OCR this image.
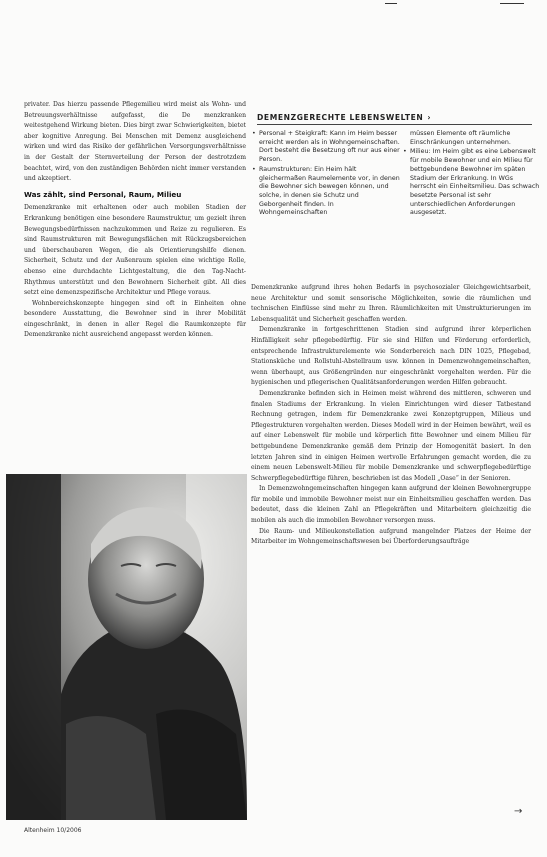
privater. Das hierzu passende Pflegemilieu wird meist als Wohn- und Betreuungsverhältnisse aufgefasst, die De menzkranken weitestgehend Wirkung bieten. Dies birgt zwar Schwierigkeiten, bietet aber kognitive Anregung. Bei Menschen mit Demenz ausgleichend wirken und wird das Risiko der gefährlichen Versorgungsverhältnisse in der Gestalt der Sternverteilung der Person der destrotzdem beachtet, wird, von den zuständigen Behörden nicht immer verstanden und akzeptiert.

Was zählt, sind Personal, Raum, Milieu

Demenzkranke mit erhaltenen oder auch mobilen Stadien der Erkrankung benötigen eine besondere Raumstruktur, um gezielt ihren Bewegungsbedürfnissen nachzukommen und Reize zu regulieren. Es sind Raumstrukturen mit Bewegungsflächen mit Rückzugsbereichen und überschaubaren Wegen, die als Orientierungshilfe dienen. Sicherheit, Schutz und der Außenraum spielen eine wichtige Rolle, ebenso eine durchdachte Lichtgestaltung, die den Tag-Nacht-Rhythmus unterstützt und den Bewohnern Sicherheit gibt. All dies setzt eine demenzspezifische Architektur und Pflege voraus.

Wohnbereichskonzepte hingegen sind oft in Einheiten ohne besondere Ausstattung, die Bewohner sind in ihrer Mobilität eingeschränkt, in denen in aller Regel die Raumkonzepte für Demenzkranke nicht ausreichend angepasst werden können.

Altenheim 10/2006
DEMENZGERECHTE LEBENSWELTEN ›
• Personal + Steigkraft: Kann im Heim besser erreicht werden als in Wohngemeinschaften. Dort besteht die Besetzung oft nur aus einer Person.
• Raumstrukturen: Ein Heim hält gleichermaßen Raumelemente vor, in denen die Bewohner sich bewegen können, und solche, in denen sie Schutz und Geborgenheit finden. In Wohngemeinschaften
müssen Elemente oft räumliche Einschränkungen unternehmen.
• Milieu: Im Heim gibt es eine Lebenswelt für mobile Bewohner und ein Milieu für bettgebundene Bewohner im späten Stadium der Erkrankung. In WGs herrscht ein Einheitsmilieu. Das schwach besetzte Personal ist sehr unterschiedlichen Anforderungen ausgesetzt.

Demenzkranke aufgrund ihres hohen Bedarfs in psychosozialer Gleichgewichtsarbeit, neue Architektur und somit sensorische Möglichkeiten, sowie die räumlichen und technischen Einflüsse sind mehr zu Ihren. Räumlichkeiten mit Umstrukturierungen im Lebensqualität und Sicherheit geschaffen werden.

Demenzkranke in fortgeschrittenen Stadien sind aufgrund ihrer körperlichen Hinfälligkeit sehr pflegebedürftig. Für sie sind Hilfen und Förderung erforderlich, entsprechende Infrastrukturelemente wie Sonderbereich nach DIN 1025, Pflegebad, Stationsküche und Rollstuhl-Abstellraum usw. können in Demenzwohngemeinschaften, wenn überhaupt, aus Größengründen nur eingeschränkt vorgehalten werden. Für die hygienischen und pflegerischen Qualitätsanforderungen werden Hilfen gebraucht.

Demenzkranke befinden sich in Heimen meist während des mittleren, schweren und finalen Stadiums der Erkrankung. In vielen Einrichtungen wird dieser Tatbestand Rechnung getragen, indem für Demenzkranke zwei Konzeptgruppen, Milieus und Pflegestrukturen vorgehalten werden. Dieses Modell wird in der Heimen bewährt, weil es auf einer Lebenswelt für mobile und körperlich fitte Bewohner und einem Milieu für bettgebundene Demenzkranke gemäß dem Prinzip der Homogenität basiert. In den letzten Jahren sind in einigen Heimen wertvolle Erfahrungen gemacht worden, die zu einem neuen Lebenswelt-Milieu für mobile Demenzkranke und schwerpflegebedürftige Schwerpflegebedürftige führen, beschrieben ist das Modell „Oase“ in der Senioren.

In Demenzwohngemeinschaften hingegen kann aufgrund der kleinen Bewohnergruppe für mobile und immobile Bewohner meist nur ein Einheitsmilieu geschaffen werden. Das bedeutet, dass die kleinen Zahl an Pflegekräften und Mitarbeitern gleichzeitig die mobilen als auch die immobilen Bewohner versorgen muss.

Die Raum- und Milieukonstellation aufgrund mangelnder Platzes der Heime der Mitarbeiter im Wohngemeinschaftswesen bei Überforderungsaufträge

→
